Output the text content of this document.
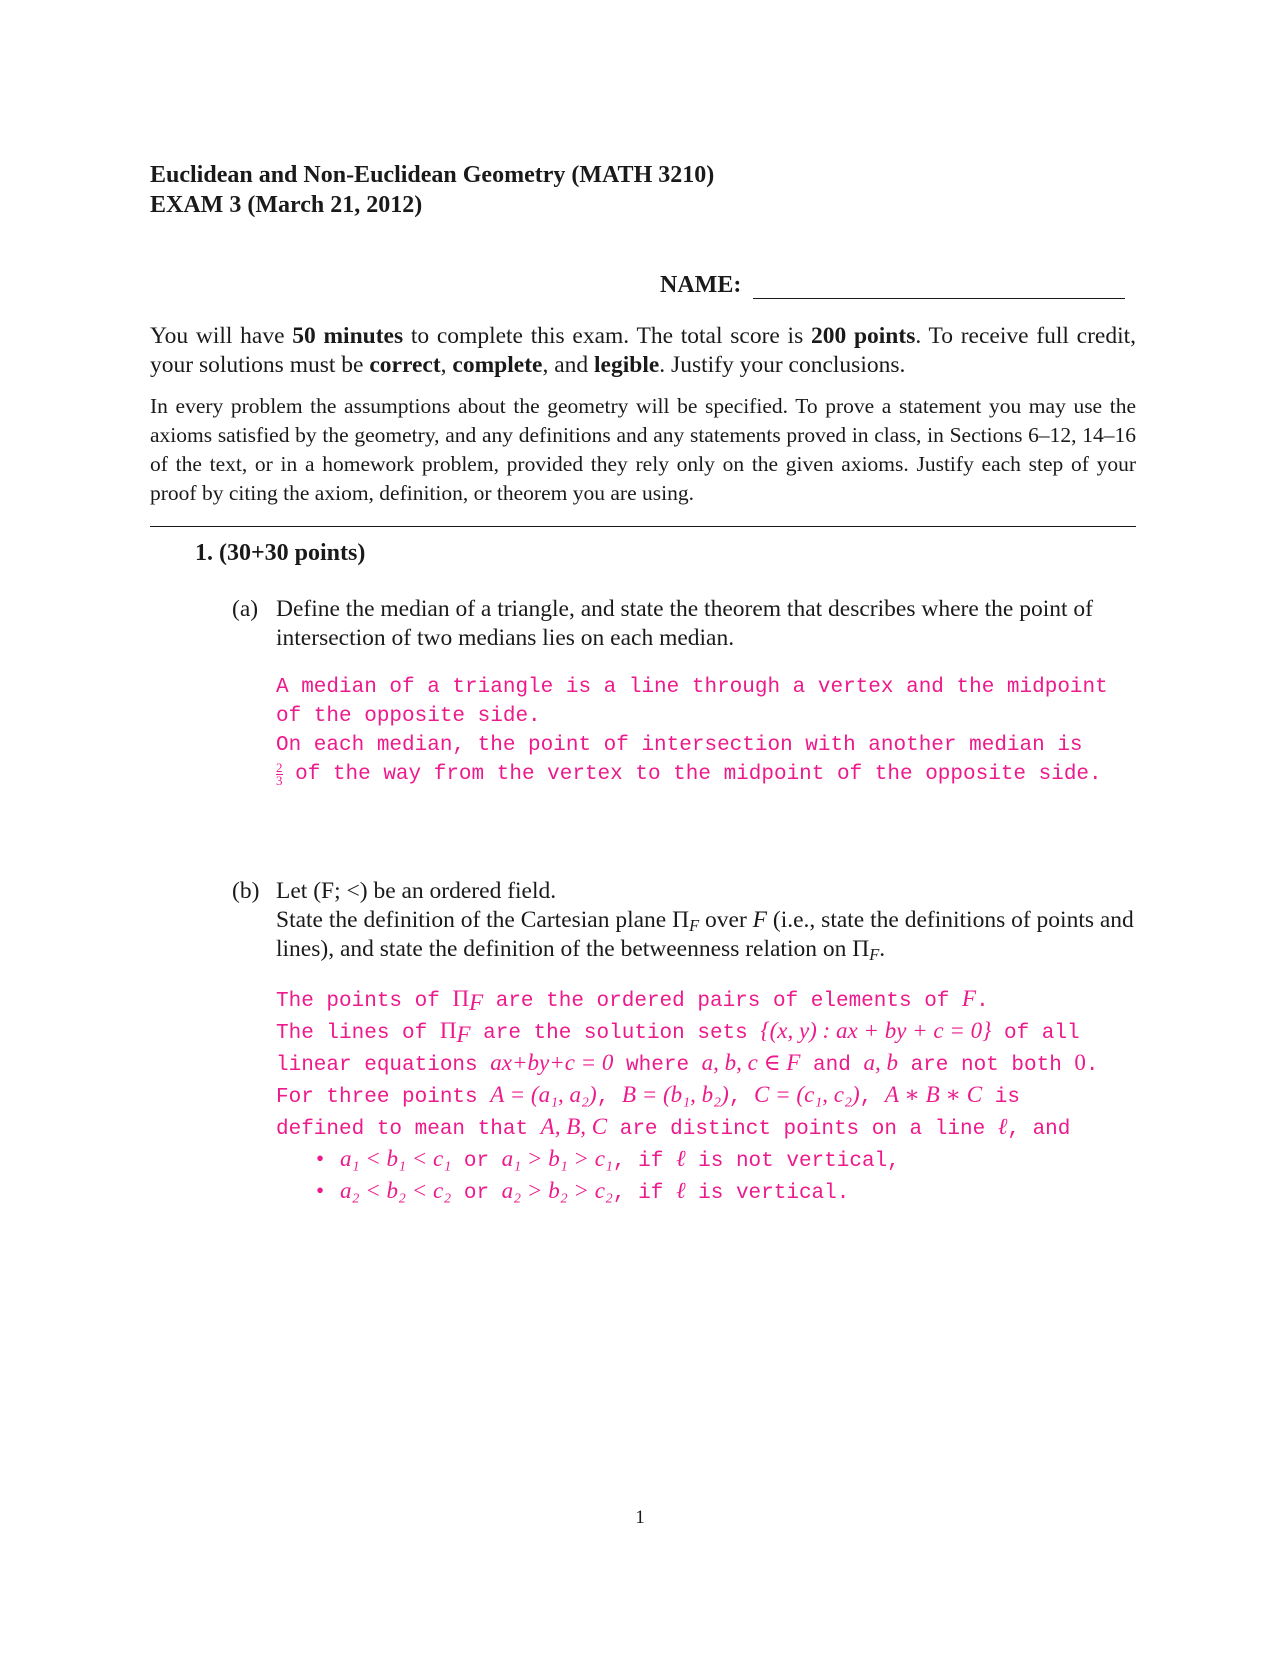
Euclidean and Non-Euclidean Geometry (MATH 3210)
EXAM 3 (March 21, 2012)
NAME:
You will have 50 minutes to complete this exam. The total score is 200 points. To receive full credit, your solutions must be correct, complete, and legible. Justify your conclusions.
In every problem the assumptions about the geometry will be specified. To prove a statement you may use the axioms satisfied by the geometry, and any definitions and any statements proved in class, in Sections 6–12, 14–16 of the text, or in a homework problem, provided they rely only on the given axioms. Justify each step of your proof by citing the axiom, definition, or theorem you are using.
1. (30+30 points)
(a) Define the median of a triangle, and state the theorem that describes where the point of intersection of two medians lies on each median.
A median of a triangle is a line through a vertex and the midpoint
of the opposite side.
On each median, the point of intersection with another median is
$\frac{2}{3}$ of the way from the vertex to the midpoint of the opposite side.
(b) Let (F; <) be an ordered field.
State the definition of the Cartesian plane $\Pi_F$ over F (i.e., state the definitions of points and lines), and state the definition of the betweenness relation on $\Pi_F$.
The points of $\Pi_F$ are the ordered pairs of elements of F.
The lines of $\Pi_F$ are the solution sets {(x, y) : ax + by + c = 0} of all
linear equations ax+by+c = 0 where a, b, c ∈ F and a, b are not both 0.
For three points A = (a₁, a₂), B = (b₁, b₂), C = (c₁, c₂), A ∗ B ∗ C is
defined to mean that A, B, C are distinct points on a line ℓ, and
• a₁ < b₁ < c₁ or a₁ > b₁ > c₁, if ℓ is not vertical,
• a₂ < b₂ < c₂ or a₂ > b₂ > c₂, if ℓ is vertical.
1
